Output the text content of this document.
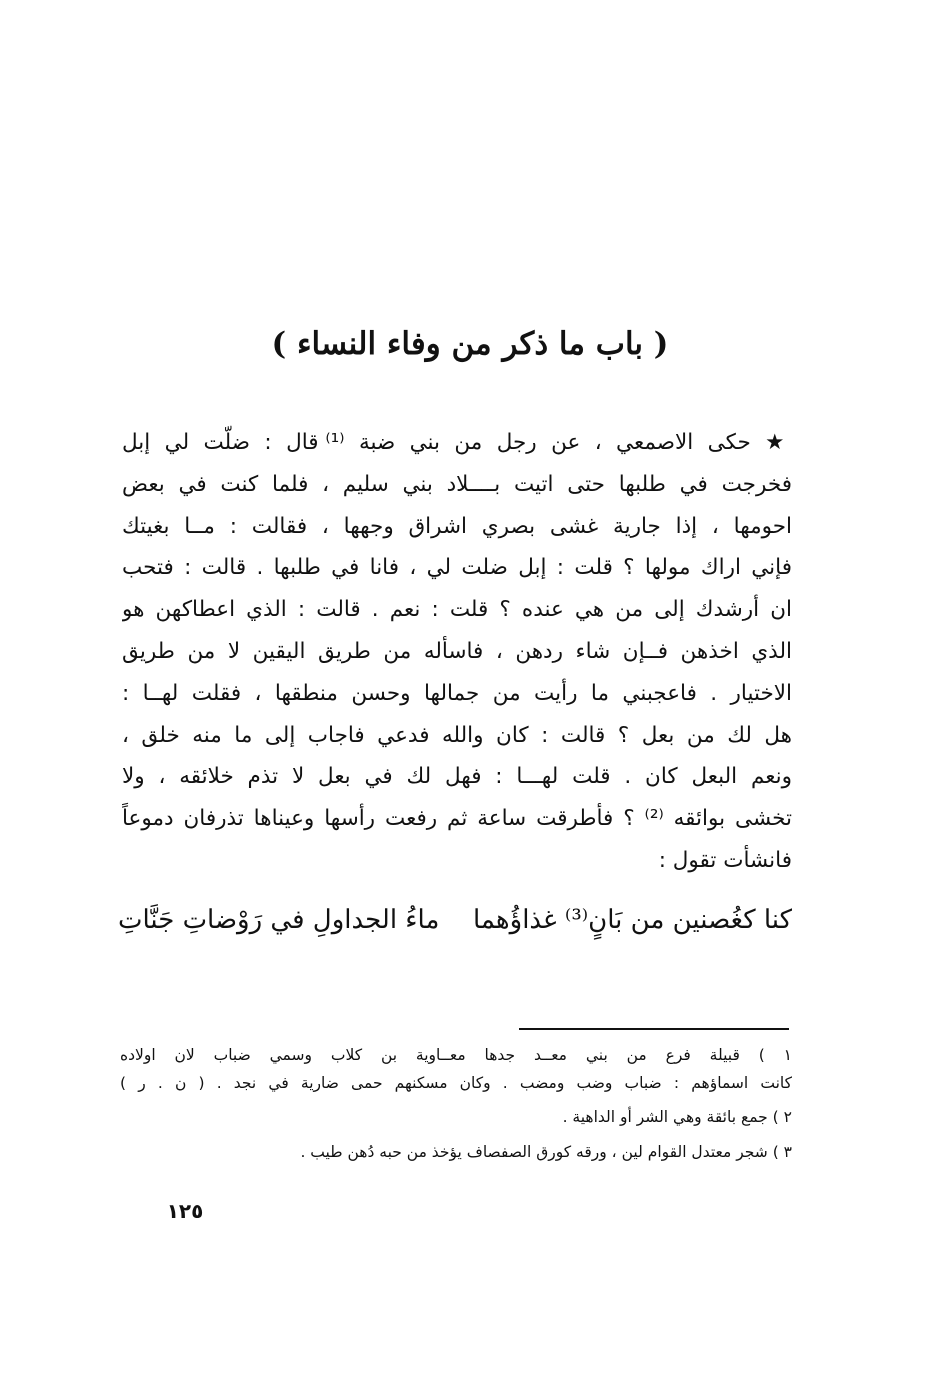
( باب ما ذكر من وفاء النساء )
★ حكى الاصمعي ، عن رجل من بني ضبة ⁽¹⁾ قال : ضلّت لي إبل
فخرجت في طلبها حتى اتيت بــــلاد بني سليم ، فلما كنت في بعض
احومها ، إذا جارية غشى بصري اشراق وجهها ، فقالت : مــا بغيتك
فإني اراك مولها ؟ قلت : إبل ضلت لي ، فانا في طلبها . قالت : فتحب
ان أرشدك إلى من هي عنده ؟ قلت : نعم . قالت : الذي اعطاكهن هو
الذي اخذهن فــإن شاء ردهن ، فاسأله من طريق اليقين لا من طريق
الاختيار . فاعجبني ما رأيت من جمالها وحسن منطقها ، فقلت لهــا :
هل لك من بعل ؟ قالت : كان والله فدعي فاجاب إلى ما منه خلق ،
ونعم البعل كان . قلت لهـــا : فهل لك في بعل لا تذم خلائقه ، ولا
تخشى بوائقه ⁽²⁾ ؟ فأطرقت ساعة ثم رفعت رأسها وعيناها تذرفان دموعاً
فانشأت تقول :
كنا كغُصنين من بَانٍ⁽³⁾ غذاؤُهما
ماءُ الجداولِ في رَوْضاتِ جَنَّاتِ
١ ) قبيلة فرع من بني معــد جدها معــاوية بن كلاب وسمي ضباب لان اولاده
كانت اسماؤهم : ضباب وضب ومضب . وكان مسكنهم حمى ضارية في نجد . ( ن . ر )
٢ ) جمع بائقة وهي الشر أو الداهية .
٣ ) شجر معتدل القوام لين ، ورقه كورق الصفصاف يؤخذ من حبه دُهن طيب .
١٢٥
